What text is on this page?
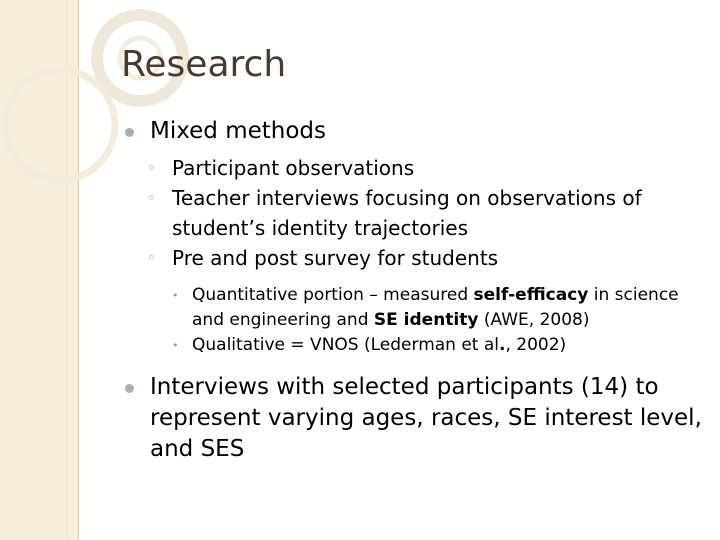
Research
Mixed methods
◦ Participant observations
◦ Teacher interviews focusing on observations of student’s identity trajectories
◦ Pre and post survey for students
• Quantitative portion – measured self-efficacy in science and engineering and SE identity (AWE, 2008)
• Qualitative = VNOS (Lederman et al., 2002)
Interviews with selected participants (14) to represent varying ages, races, SE interest level, and SES
